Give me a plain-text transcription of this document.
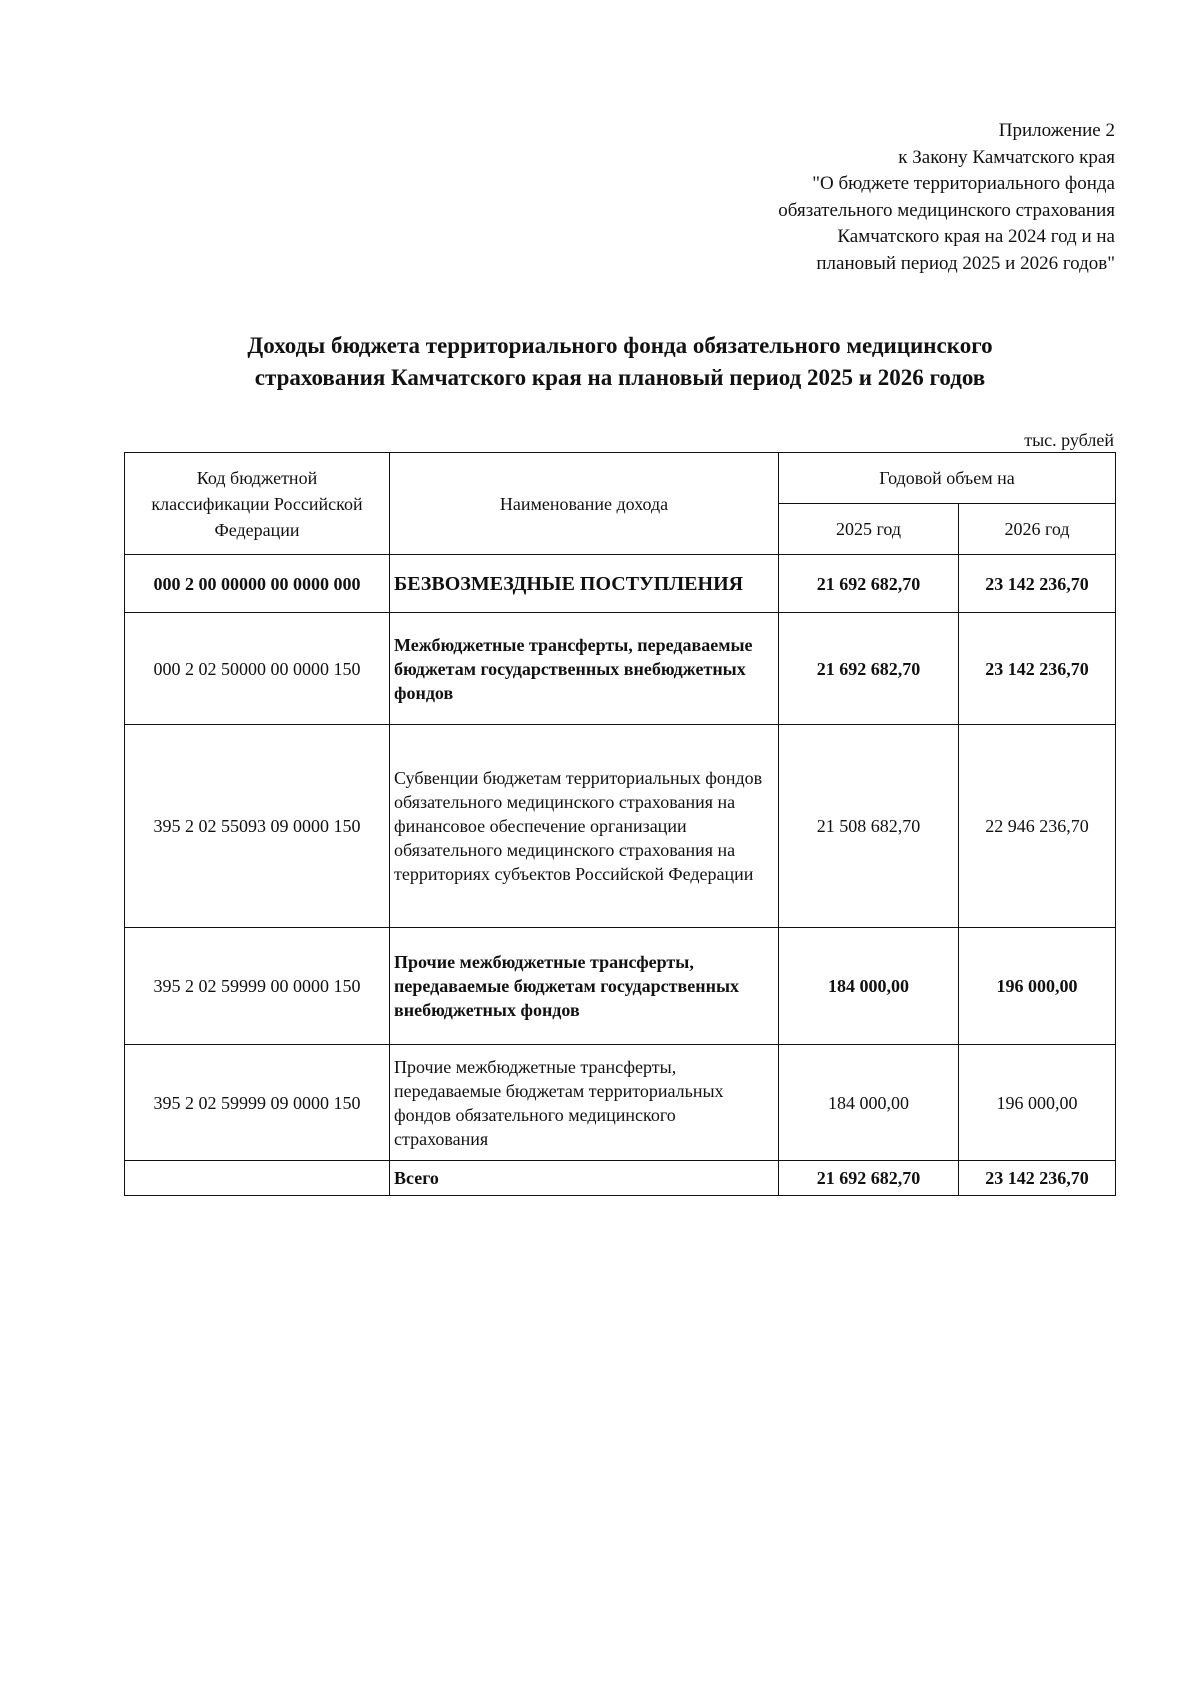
Приложение 2
к Закону Камчатского края
"О бюджете территориального фонда
обязательного медицинского страхования
Камчатского края на 2024 год и на
плановый период 2025 и 2026 годов"
Доходы бюджета территориального фонда обязательного медицинского
страхования Камчатского края на плановый период 2025 и 2026 годов
тыс. рублей
Код бюджетной классификации Российской Федерации	Наименование дохода	Годовой объем на	
		2025 год	2026 год
000 2 00 00000 00 0000 000	БЕЗВОЗМЕЗДНЫЕ ПОСТУПЛЕНИЯ	21 692 682,70	23 142 236,70
000 2 02 50000 00 0000 150	Межбюджетные трансферты, передаваемые бюджетам государственных внебюджетных фондов	21 692 682,70	23 142 236,70
395 2 02 55093 09 0000 150	Субвенции бюджетам территориальных фондов обязательного медицинского страхования на финансовое обеспечение организации обязательного медицинского страхования на территориях субъектов Российской Федерации	21 508 682,70	22 946 236,70
395 2 02 59999 00 0000 150	Прочие межбюджетные трансферты, передаваемые бюджетам государственных внебюджетных фондов	184 000,00	196 000,00
395 2 02 59999 09 0000 150	Прочие межбюджетные трансферты, передаваемые бюджетам территориальных фондов обязательного медицинского страхования	184 000,00	196 000,00
	Всего	21 692 682,70	23 142 236,70
